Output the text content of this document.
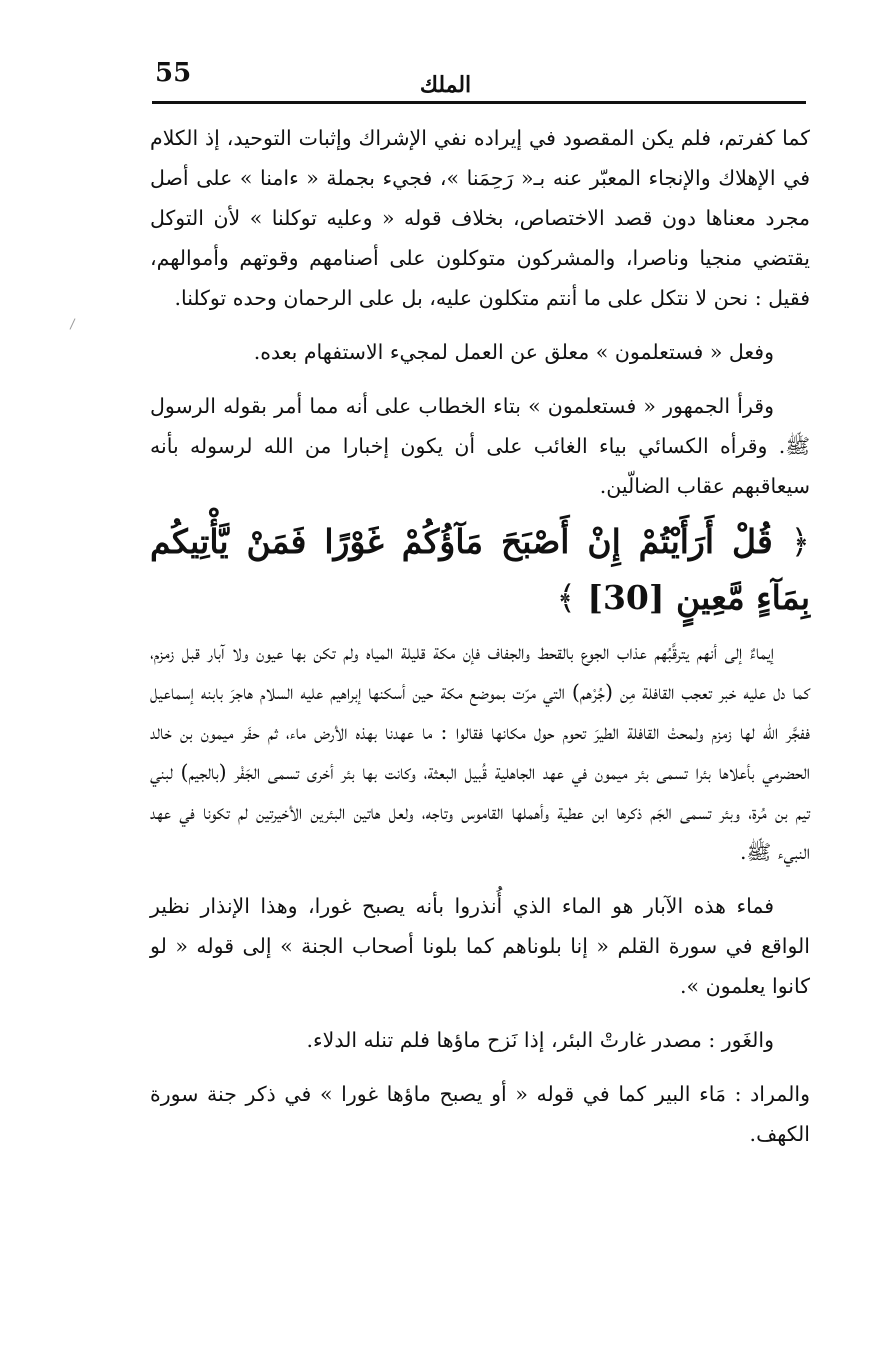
55	الملك

كما كفرتم، فلم يكن المقصود في إيراده نفي الإشراك وإثبات التوحيد، إذ الكلام في الإهلاك والإنجاء المعبّر عنه بـ« رَحِمَنا »، فجيء بجملة « ءامنا » على أصل مجرد معناها دون قصد الاختصاص، بخلاف قوله « وعليه توكلنا » لأن التوكل يقتضي منجيا وناصرا، والمشركون متوكلون على أصنامهم وقوتهم وأموالهم، فقيل : نحن لا نتكل على ما أنتم متكلون عليه، بل على الرحمان وحده توكلنا.

وفعل « فستعلمون » معلق عن العمل لمجيء الاستفهام بعده.

وقرأ الجمهور « فستعلمون » بتاء الخطاب على أنه مما أمر بقوله الرسول ﷺ. وقرأه الكسائي بياء الغائب على أن يكون إخبارا من الله لرسوله بأنه سيعاقبهم عقاب الضالّين.

﴿ قُلْ أَرَأَيْتُمْ إِنْ أَصْبَحَ مَآؤُكُمْ غَوْرًا فَمَنْ يَّأْتِيكُم بِمَآءٍ مَّعِينٍ [30] ﴾

إيماءٌ إلى أنهم يترقَّبُهم عذاب الجوع بالقحط والجفاف فإن مكة قليلة المياه ولم تكن بها عيون ولا آبار قبل زمزم، كما دل عليه خبر تعجب القافلة مِن (جُرْهم) التي مرّت بموضع مكة حين أسكنها إبراهيم عليه السلام هاجرَ بابنه إسماعيل ففجَّر الله لها زمزم ولمحتْ القافلة الطيرَ تحوم حول مكانها فقالوا : ما عهدنا بهذه الأرض ماء، ثم حفَر ميمون بن خالد الحضرمي بأعلاها بئرا تسمى بئر ميمون في عهد الجاهلية قُبيل البعثة، وكانت بها بئر أخرى تسمى الجَفْر (بالجيم) لبني تيم بن مُرة، وبئر تسمى الجَم ذكرها ابن عطية وأهملها القاموس وتاجه، ولعل هاتين البئرين الأخيرتين لم تكونا في عهد النبيء ﷺ.

فماء هذه الآبار هو الماء الذي أُنذروا بأنه يصبح غورا، وهذا الإنذار نظير الواقع في سورة القلم « إنا بلوناهم كما بلونا أصحاب الجنة » إلى قوله « لو كانوا يعلمون ».

والغَور : مصدر غارتْ البئر، إذا نَزح ماؤها فلم تنله الدلاء.

والمراد : مَاء البير كما في قوله « أو يصبح ماؤها غورا » في ذكر جنة سورة الكهف.
